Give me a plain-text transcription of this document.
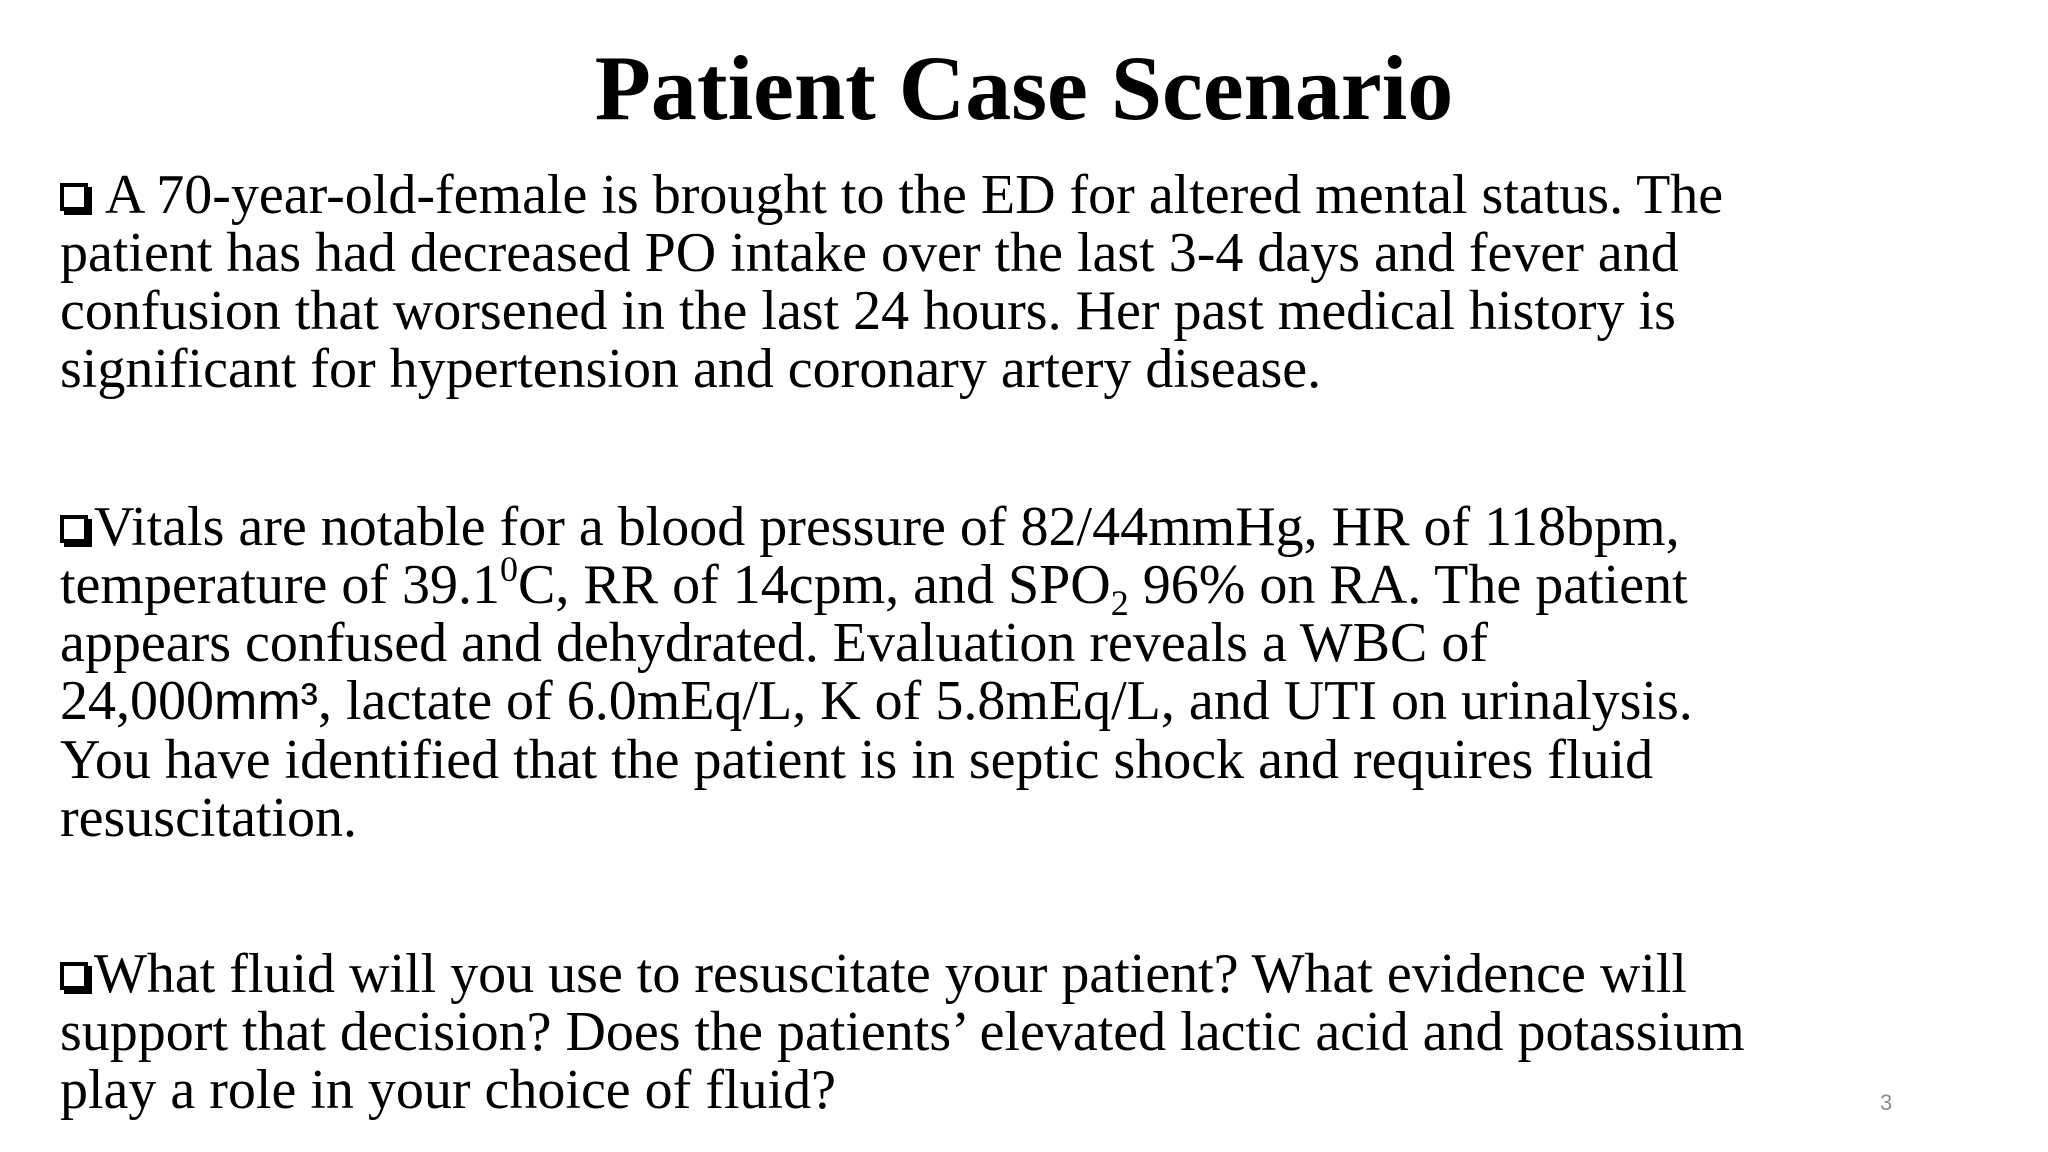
Patient Case Scenario
A 70-year-old-female is brought to the ED for altered mental status. The
patient has had decreased PO intake over the last 3-4 days and fever and
confusion that worsened in the last 24 hours. Her past medical history is
significant for hypertension and coronary artery disease.
Vitals are notable for a blood pressure of 82/44mmHg, HR of 118bpm,
temperature of 39.1$^0$C, RR of 14cpm, and $SPO_2$ 96% on RA. The patient
appears confused and dehydrated. Evaluation reveals a WBC of
24,000mm³, lactate of 6.0mEq/L, K of 5.8mEq/L, and UTI on urinalysis.
You have identified that the patient is in septic shock and requires fluid
resuscitation.
What fluid will you use to resuscitate your patient? What evidence will
support that decision? Does the patients’ elevated lactic acid and potassium
play a role in your choice of fluid?	3
